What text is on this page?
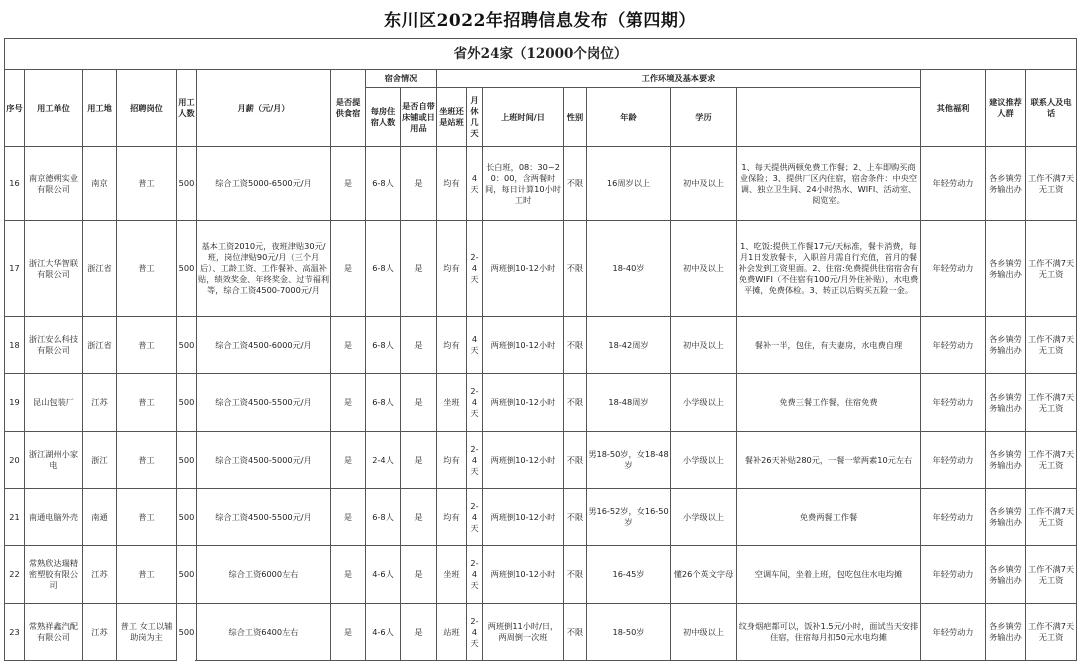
东川区2022年招聘信息发布（第四期）
省外24家（12000个岗位）																			
序号	用工单位	用工地	招聘岗位	用工人数	月薪（元/月）	是否提供食宿	宿舍情况		工作环境及基本要求							其他福利	建议推荐人群	联系人及电话	
							每房住宿人数	是否自带床铺或日用品	坐班还是站班	月休几天	上班时间/日	性别	年龄	学历					
16	南京德朔实业有限公司	南京	普工	500	综合工资5000-6500元/月	是	6-8人	是	均有	4天	长白班，08：30~20：00，含两餐时间，每日计算10小时工时	不限	16周岁以上	初中及以上	1、每天提供两顿免费工作餐；2、上车即购买商业保险；3、提供厂区内住宿，宿舍条件：中央空调、独立卫生间、24小时热水、WIFI、活动室、阅览室。	年轻劳动力	各乡镇劳务输出办	工作不满7天无工资	
17	浙江大华智联有限公司	浙江省	普工	500	基本工资2010元，夜班津贴30元/班，岗位津贴90元/月（三个月后）、工龄工资、工作餐补、高温补贴，绩效奖金、年终奖金、过节福利等，综合工资4500-7000元/月	是	6-8人	是	均有	2-4天	两班倒10-12小时	不限	18-40岁	初中及以上	1、吃饭:提供工作餐17元/天标准，餐卡消费，每月1日发放餐卡，入职首月需自行充值，首月的餐补会发到工资里面。2、住宿:免费提供住宿宿舍有免费WIFI（不住宿有100元/月外住补贴），水电费平摊，免费体检。3、转正以后购买五险一金。	年轻劳动力	各乡镇劳务输出办	工作不满7天无工资	
18	浙江安么科技有限公司	浙江省	普工	500	综合工资4500-6000元/月	是	6-8人	是	均有	4天	两班倒10-12小时	不限	18-42周岁	初中及以上	餐补一半，包住，有夫妻房，水电费自理	年轻劳动力	各乡镇劳务输出办	工作不满7天无工资	
19	昆山包装厂	江苏	普工	500	综合工资4500-5500元/月	是	6-8人	是	坐班	2-4天	两班倒10-12小时	不限	18-48周岁	小学级以上	免费三餐工作餐，住宿免费	年轻劳动力	各乡镇劳务输出办	工作不满7天无工资	
20	浙江湖州小家电	浙江	普工	500	综合工资4500-5000元/月	是	2-4人	是	均有	2-4天	两班倒10-12小时	不限	男18-50岁，女18-48岁	小学级以上	餐补26天补贴280元，一餐一荤两素10元左右	年轻劳动力	各乡镇劳务输出办	工作不满7天无工资	
21	南通电脑外壳	南通	普工	500	综合工资4500-5500元/月	是	6-8人	是	均有	2-4天	两班倒10-12小时	不限	男16-52岁，女16-50岁	小学级以上	免费两餐工作餐	年轻劳动力	各乡镇劳务输出办	工作不满7天无工资	
22	常熟欣达瑞精密塑胶有限公司	江苏	普工	500	综合工资6000左右	是	4-6人	是	坐班	2-4天	两班倒10-12小时	不限	16-45岁	懂26个英文字母	空调车间，坐着上班，包吃包住水电均摊	年轻劳动力	各乡镇劳务输出办	工作不满7天无工资	
23	常熟祥鑫汽配有限公司	江苏	普工 女工以辅助岗为主	500	综合工资6400左右	是	4-6人	是	站班	2-4天	两班倒11小时/日，两周倒一次班	不限	18-50岁	初中级以上	纹身烟疤都可以，饭补1.5元/小时，面试当天安排住宿，住宿每月扣50元水电均摊	年轻劳动力	各乡镇劳务输出办	工作不满7天无工资	
